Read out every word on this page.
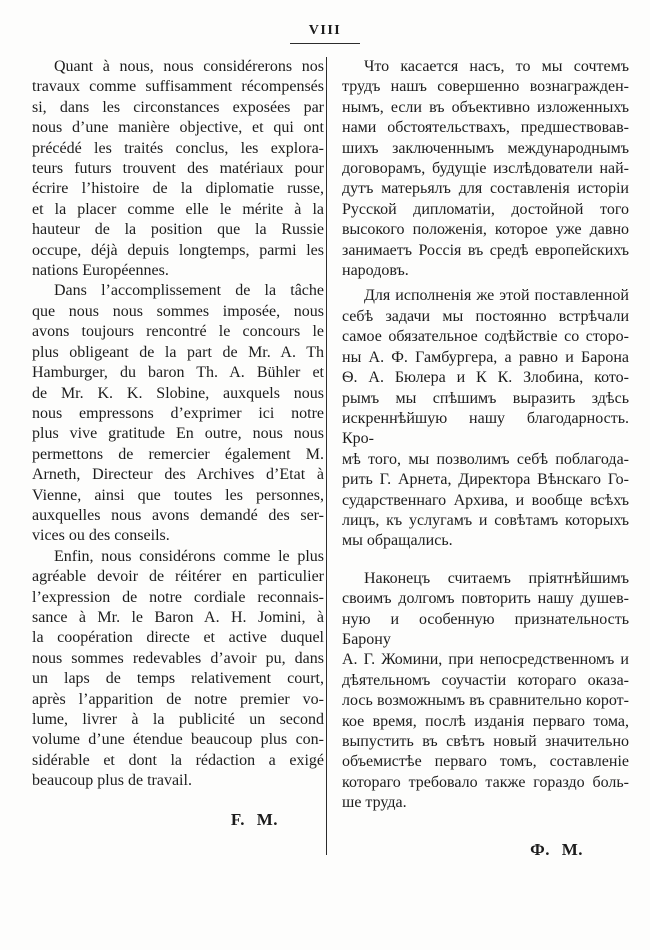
VIII
Quant à nous, nous considérerons nos
travaux comme suffisamment récompensés
si, dans les circonstances exposées par
nous d’une manière objective, et qui ont
précédé les traités conclus, les explora-
teurs futurs trouvent des matériaux pour
écrire l’histoire de la diplomatie russe,
et la placer comme elle le mérite à la
hauteur de la position que la Russie
occupe, déjà depuis longtemps, parmi les
nations Européennes.
Dans l’accomplissement de la tâche
que nous nous sommes imposée, nous
avons toujours rencontré le concours le
plus obligeant de la part de Mr. A. Th
Hamburger, du baron Th. A. Bühler et
de Mr. K. K. Slobine, auxquels nous
nous empressons d’exprimer ici notre
plus vive gratitude En outre, nous nous
permettons de remercier également M.
Arneth, Directeur des Archives d’Etat à
Vienne, ainsi que toutes les personnes,
auxquelles nous avons demandé des ser-
vices ou des conseils.
Enfin, nous considérons comme le plus
agréable devoir de réitérer en particulier
l’expression de notre cordiale reconnais-
sance à Mr. le Baron A. H. Jomini, à
la coopération directe et active duquel
nous sommes redevables d’avoir pu, dans
un laps de temps relativement court,
après l’apparition de notre premier vo-
lume, livrer à la publicité un second
volume d’une étendue beaucoup plus con-
sidérable et dont la rédaction a exigé
beaucoup plus de travail.
F. M.
Что касается насъ, то мы сочтемъ
трудъ нашъ совершенно вознагражден-
нымъ, если въ объективно изложенныхъ
нами обстоятельствахъ, предшествовав-
шихъ заключеннымъ международнымъ
договорамъ, будущіе изслѣдователи най-
дутъ матерьялъ для составленія исторіи
Русской дипломатіи, достойной того
высокого положенія, которое уже давно
занимаетъ Россія въ средѣ европейскихъ
народовъ.
Для исполненія же этой поставленной
себѣ задачи мы постоянно встрѣчали
самое обязательное содѣйствіе со сторо-
ны А. Ф. Гамбургера, а равно и Барона
Ѳ. А. Бюлера и К К. Злобина, кото-
рымъ мы спѣшимъ выразить здѣсь
искреннѣйшую нашу благодарность. Кро-
мѣ того, мы позволимъ себѣ поблагода-
рить Г. Арнета, Директора Вѣнскаго Го-
сударственнаго Архива, и вообще всѣхъ
лицъ, къ услугамъ и совѣтамъ которыхъ
мы обращались.
Наконецъ считаемъ пріятнѣйшимъ
своимъ долгомъ повторить нашу душев-
ную и особенную признательность Барону
А. Г. Жомини, при непосредственномъ и
дѣятельномъ соучастіи котораго оказа-
лось возможнымъ въ сравнительно корот-
кое время, послѣ изданія перваго тома,
выпустить въ свѣтъ новый значительно
объемистѣе перваго томъ, составленіе
котораго требовало также гораздо боль-
ше труда.
Ф. М.
